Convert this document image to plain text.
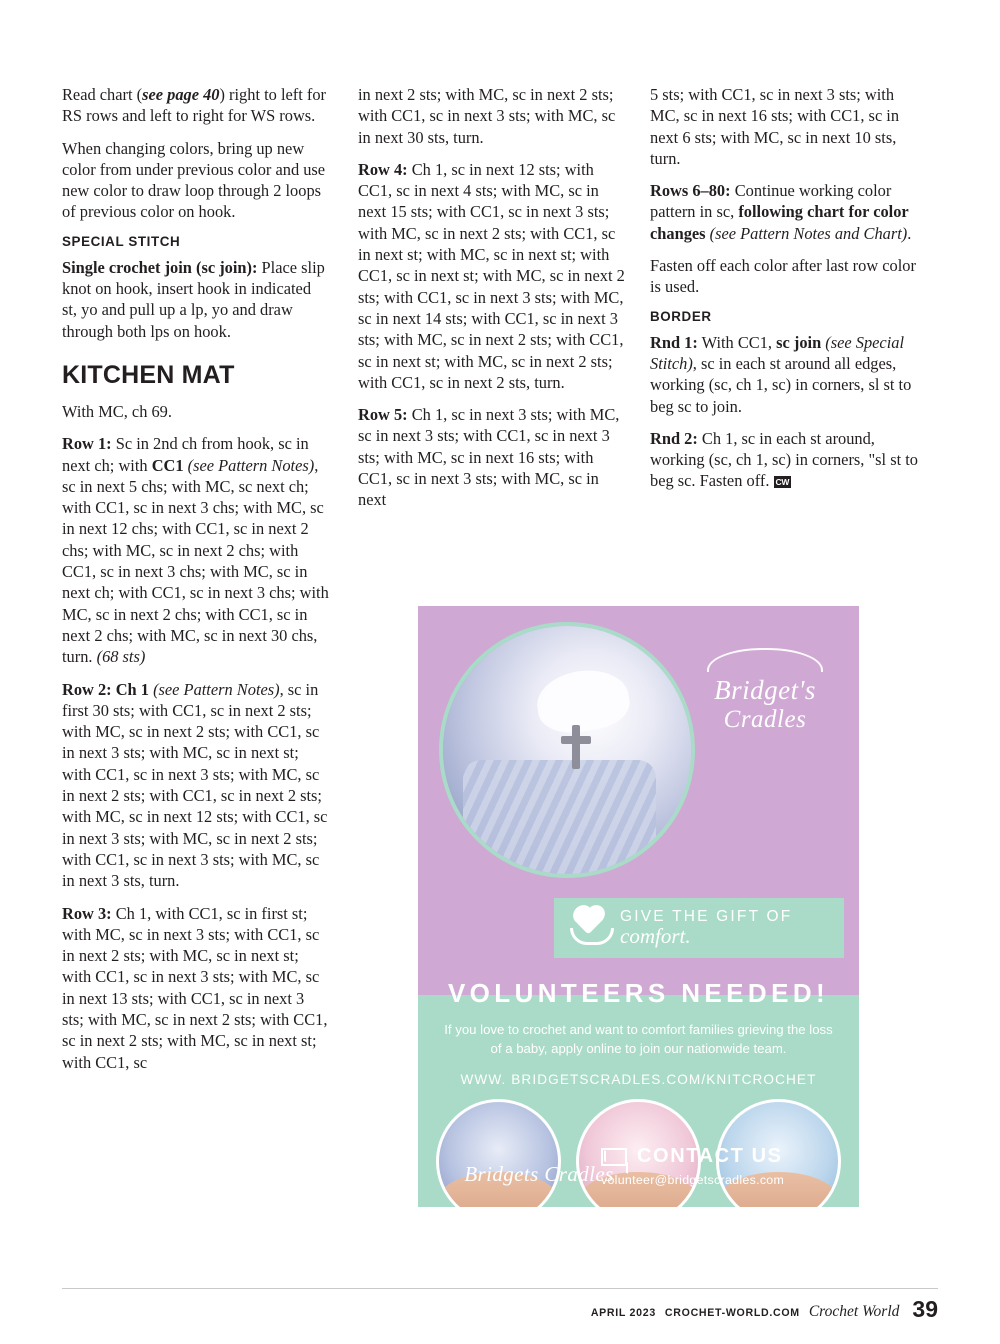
Read chart (see page 40) right to left for RS rows and left to right for WS rows.

When changing colors, bring up new color from under previous color and use new color to draw loop through 2 loops of previous color on hook.

SPECIAL STITCH

Single crochet join (sc join): Place slip knot on hook, insert hook in indicated st, yo and pull up a lp, yo and draw through both lps on hook.

KITCHEN MAT

With MC, ch 69.

Row 1: Sc in 2nd ch from hook, sc in next ch; with CC1 (see Pattern Notes), sc in next 5 chs; with MC, sc next ch; with CC1, sc in next 3 chs; with MC, sc in next 12 chs; with CC1, sc in next 2 chs; with MC, sc in next 2 chs; with CC1, sc in next 3 chs; with MC, sc in next ch; with CC1, sc in next 3 chs; with MC, sc in next 2 chs; with CC1, sc in next 2 chs; with MC, sc in next 30 chs, turn. (68 sts)

Row 2: Ch 1 (see Pattern Notes), sc in first 30 sts; with CC1, sc in next 2 sts; with MC, sc in next 2 sts; with CC1, sc in next 3 sts; with MC, sc in next st; with CC1, sc in next 3 sts; with MC, sc in next 2 sts; with CC1, sc in next 2 sts; with MC, sc in next 12 sts; with CC1, sc in next 3 sts; with MC, sc in next 2 sts; with CC1, sc in next 3 sts; with MC, sc in next 3 sts, turn.

Row 3: Ch 1, with CC1, sc in first st; with MC, sc in next 3 sts; with CC1, sc in next 2 sts; with MC, sc in next st; with CC1, sc in next 3 sts; with MC, sc in next 13 sts; with CC1, sc in next 3 sts; with MC, sc in next 2 sts; with CC1, sc in next 2 sts; with MC, sc in next st; with CC1, sc

in next 2 sts; with MC, sc in next 2 sts; with CC1, sc in next 3 sts; with MC, sc in next 30 sts, turn.

Row 4: Ch 1, sc in next 12 sts; with CC1, sc in next 4 sts; with MC, sc in next 15 sts; with CC1, sc in next 3 sts; with MC, sc in next 2 sts; with CC1, sc in next st; with MC, sc in next st; with CC1, sc in next st; with MC, sc in next 2 sts; with CC1, sc in next 3 sts; with MC, sc in next 14 sts; with CC1, sc in next 3 sts; with MC, sc in next 2 sts; with CC1, sc in next st; with MC, sc in next 2 sts; with CC1, sc in next 2 sts, turn.

Row 5: Ch 1, sc in next 3 sts; with MC, sc in next 3 sts; with CC1, sc in next 3 sts; with MC, sc in next 16 sts; with CC1, sc in next 3 sts; with MC, sc in next

5 sts; with CC1, sc in next 3 sts; with MC, sc in next 16 sts; with CC1, sc in next 6 sts; with MC, sc in next 10 sts, turn.

Rows 6–80: Continue working color pattern in sc, following chart for color changes (see Pattern Notes and Chart).

Fasten off each color after last row color is used.

BORDER

Rnd 1: With CC1, sc join (see Special Stitch), sc in each st around all edges, working (sc, ch 1, sc) in corners, sl st to beg sc to join.

Rnd 2: Ch 1, sc in each st around, working (sc, ch 1, sc) in corners, "sl st to beg sc. Fasten off. CW

Bridget's
Cradles
GIVE THE GIFT OF
comfort.
VOLUNTEERS NEEDED!
If you love to crochet and want to comfort families grieving the loss of a baby, apply online to join our nationwide team.
WWW. BRIDGETSCRADLES.COM/KNITCROCHET
Bridgets Cradles
CONTACT US
volunteer@bridgetscradles.com
APRIL 2023 CROCHET-WORLD.COM Crochet World 39
